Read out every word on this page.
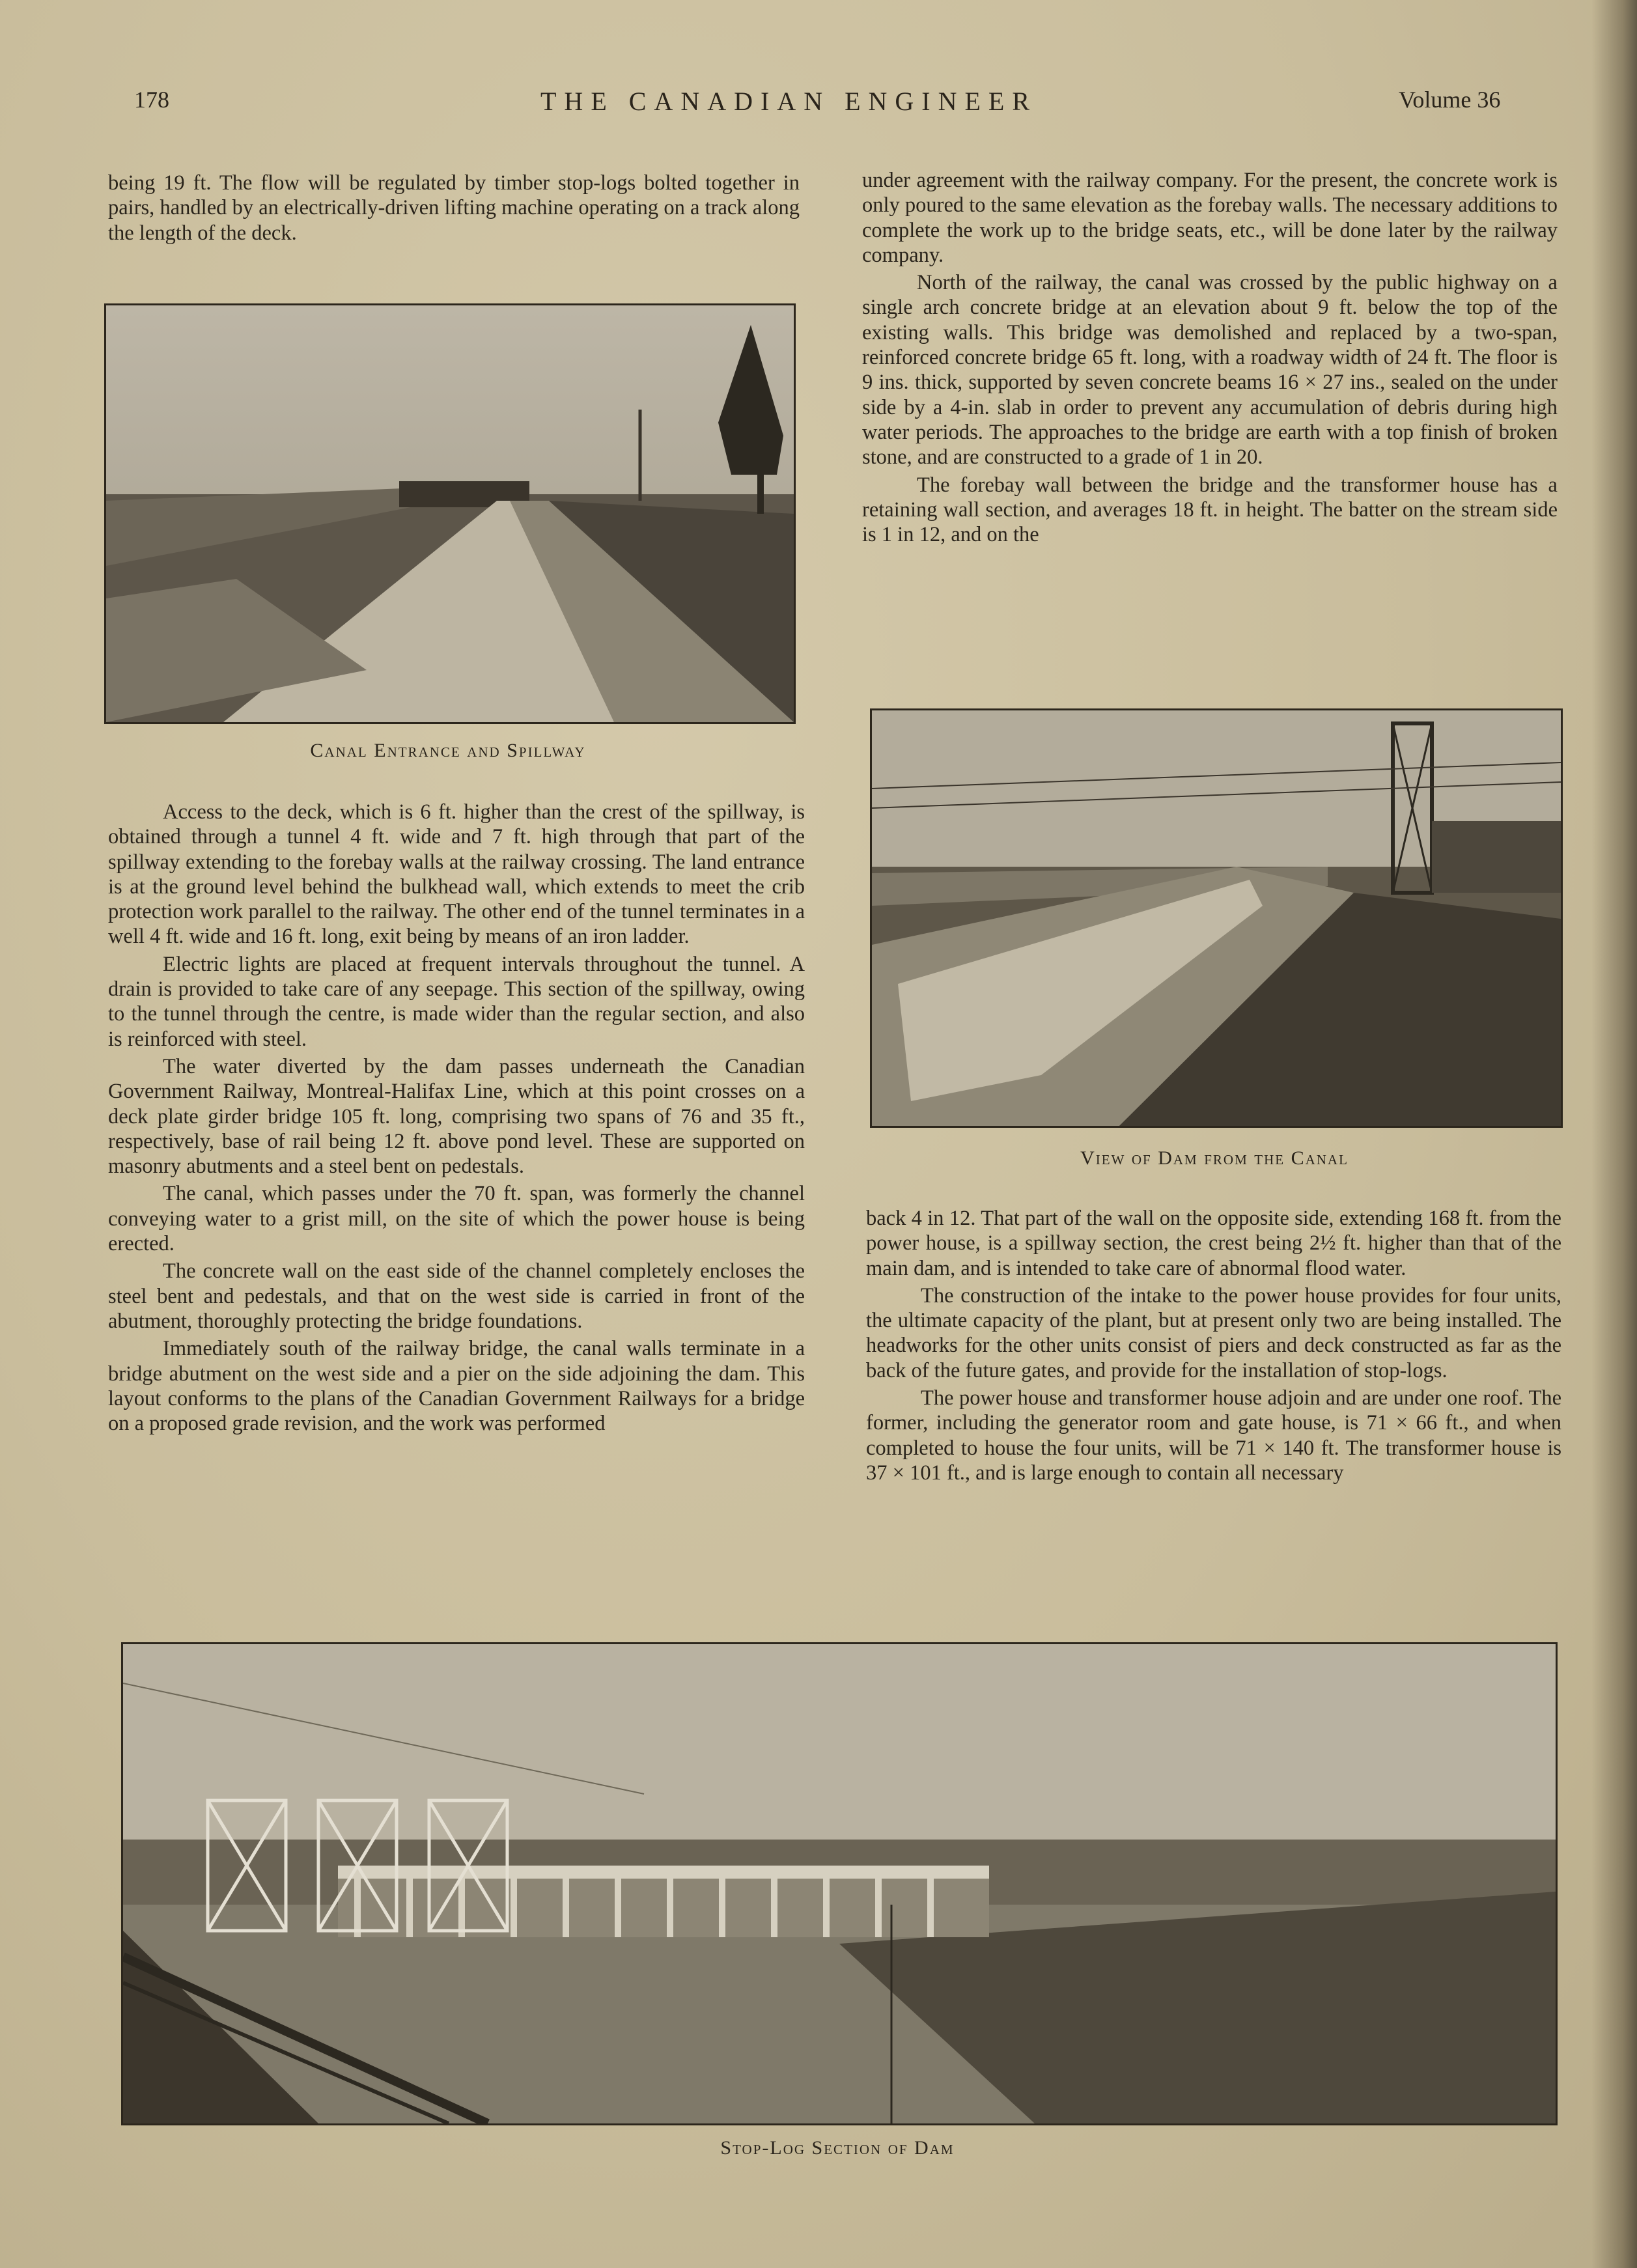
178	THE CANADIAN ENGINEER	Volume 36

being 19 ft. The flow will be regulated by timber stop-logs bolted together in pairs, handled by an electrically-driven lifting machine operating on a track along the length of the deck.

Canal Entrance and Spillway

Access to the deck, which is 6 ft. higher than the crest of the spillway, is obtained through a tunnel 4 ft. wide and 7 ft. high through that part of the spillway extending to the forebay walls at the railway crossing. The land entrance is at the ground level behind the bulkhead wall, which extends to meet the crib protection work parallel to the railway. The other end of the tunnel terminates in a well 4 ft. wide and 16 ft. long, exit being by means of an iron ladder.

Electric lights are placed at frequent intervals throughout the tunnel. A drain is provided to take care of any seepage. This section of the spillway, owing to the tunnel through the centre, is made wider than the regular section, and also is reinforced with steel.

The water diverted by the dam passes underneath the Canadian Government Railway, Montreal-Halifax Line, which at this point crosses on a deck plate girder bridge 105 ft. long, comprising two spans of 76 and 35 ft., respectively, base of rail being 12 ft. above pond level. These are supported on masonry abutments and a steel bent on pedestals.

The canal, which passes under the 70 ft. span, was formerly the channel conveying water to a grist mill, on the site of which the power house is being erected.

The concrete wall on the east side of the channel completely encloses the steel bent and pedestals, and that on the west side is carried in front of the abutment, thoroughly protecting the bridge foundations.

Immediately south of the railway bridge, the canal walls terminate in a bridge abutment on the west side and a pier on the side adjoining the dam. This layout conforms to the plans of the Canadian Government Railways for a bridge on a proposed grade revision, and the work was performed

under agreement with the railway company. For the present, the concrete work is only poured to the same elevation as the forebay walls. The necessary additions to complete the work up to the bridge seats, etc., will be done later by the railway company.

North of the railway, the canal was crossed by the public highway on a single arch concrete bridge at an elevation about 9 ft. below the top of the existing walls. This bridge was demolished and replaced by a two-span, reinforced concrete bridge 65 ft. long, with a roadway width of 24 ft. The floor is 9 ins. thick, supported by seven concrete beams 16 × 27 ins., sealed on the under side by a 4-in. slab in order to prevent any accumulation of debris during high water periods. The approaches to the bridge are earth with a top finish of broken stone, and are constructed to a grade of 1 in 20.

The forebay wall between the bridge and the transformer house has a retaining wall section, and averages 18 ft. in height. The batter on the stream side is 1 in 12, and on the

View of Dam from the Canal

back 4 in 12. That part of the wall on the opposite side, extending 168 ft. from the power house, is a spillway section, the crest being 2½ ft. higher than that of the main dam, and is intended to take care of abnormal flood water.

The construction of the intake to the power house provides for four units, the ultimate capacity of the plant, but at present only two are being installed. The headworks for the other units consist of piers and deck constructed as far as the back of the future gates, and provide for the installation of stop-logs.

The power house and transformer house adjoin and are under one roof. The former, including the generator room and gate house, is 71 × 66 ft., and when completed to house the four units, will be 71 × 140 ft. The transformer house is 37 × 101 ft., and is large enough to contain all necessary

Stop-Log Section of Dam
